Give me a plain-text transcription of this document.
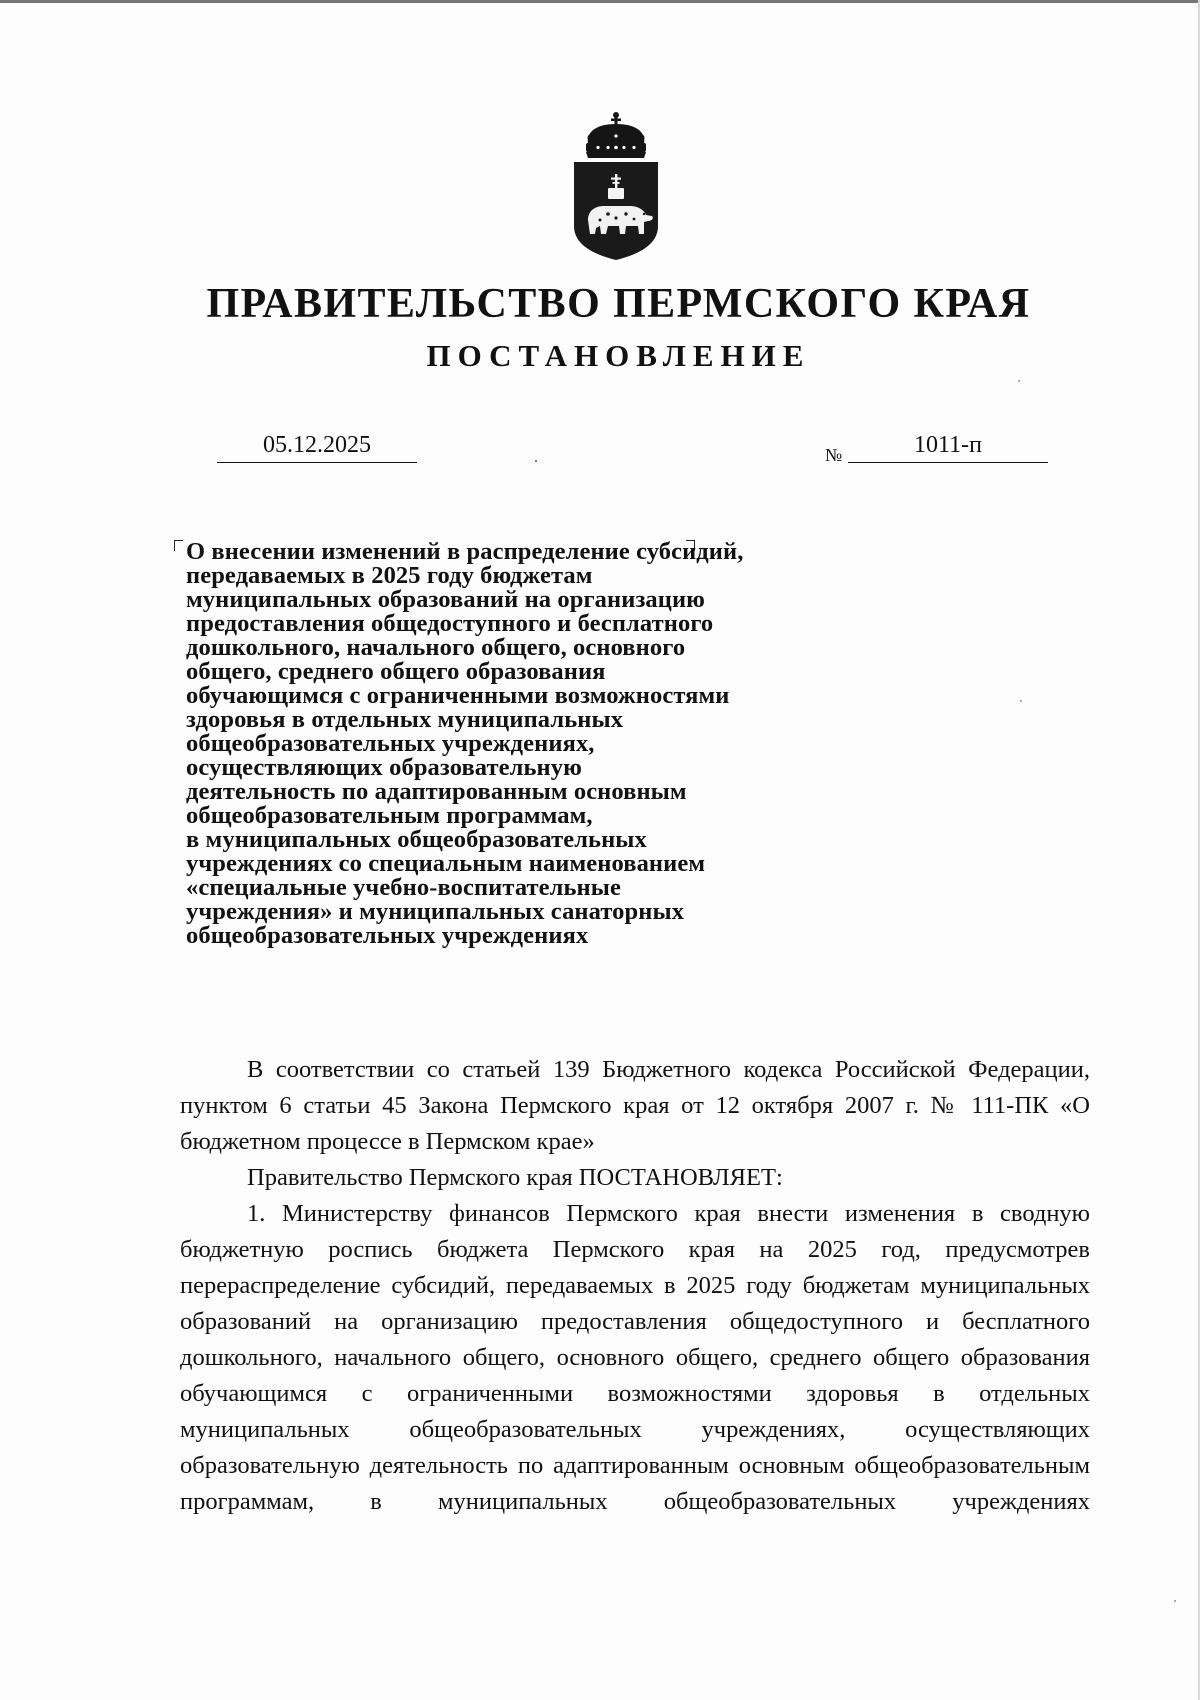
ПРАВИТЕЛЬСТВО ПЕРМСКОГО КРАЯ
ПОСТАНОВЛЕНИЕ
05.12.2025	№	1011-п
О внесении изменений в распределение субсидий,
передаваемых в 2025 году бюджетам
муниципальных образований на организацию
предоставления общедоступного и бесплатного
дошкольного, начального общего, основного
общего, среднего общего образования
обучающимся с ограниченными возможностями
здоровья в отдельных муниципальных
общеобразовательных учреждениях,
осуществляющих образовательную
деятельность по адаптированным основным
общеобразовательным программам,
в муниципальных общеобразовательных
учреждениях со специальным наименованием
«специальные учебно-воспитательные
учреждения» и муниципальных санаторных
общеобразовательных учреждениях

В соответствии со статьей 139 Бюджетного кодекса Российской Федерации, пунктом 6 статьи 45 Закона Пермского края от 12 октября 2007 г. № 111-ПК «О бюджетном процессе в Пермском крае»

Правительство Пермского края ПОСТАНОВЛЯЕТ:

1. Министерству финансов Пермского края внести изменения в сводную бюджетную роспись бюджета Пермского края на 2025 год, предусмотрев перераспределение субсидий, передаваемых в 2025 году бюджетам муниципальных образований на организацию предоставления общедоступного и бесплатного дошкольного, начального общего, основного общего, среднего общего образования обучающимся с ограниченными возможностями здоровья в отдельных муниципальных общеобразовательных учреждениях, осуществляющих образовательную деятельность по адаптированным основным общеобразовательным программам, в муниципальных общеобразовательных учреждениях
